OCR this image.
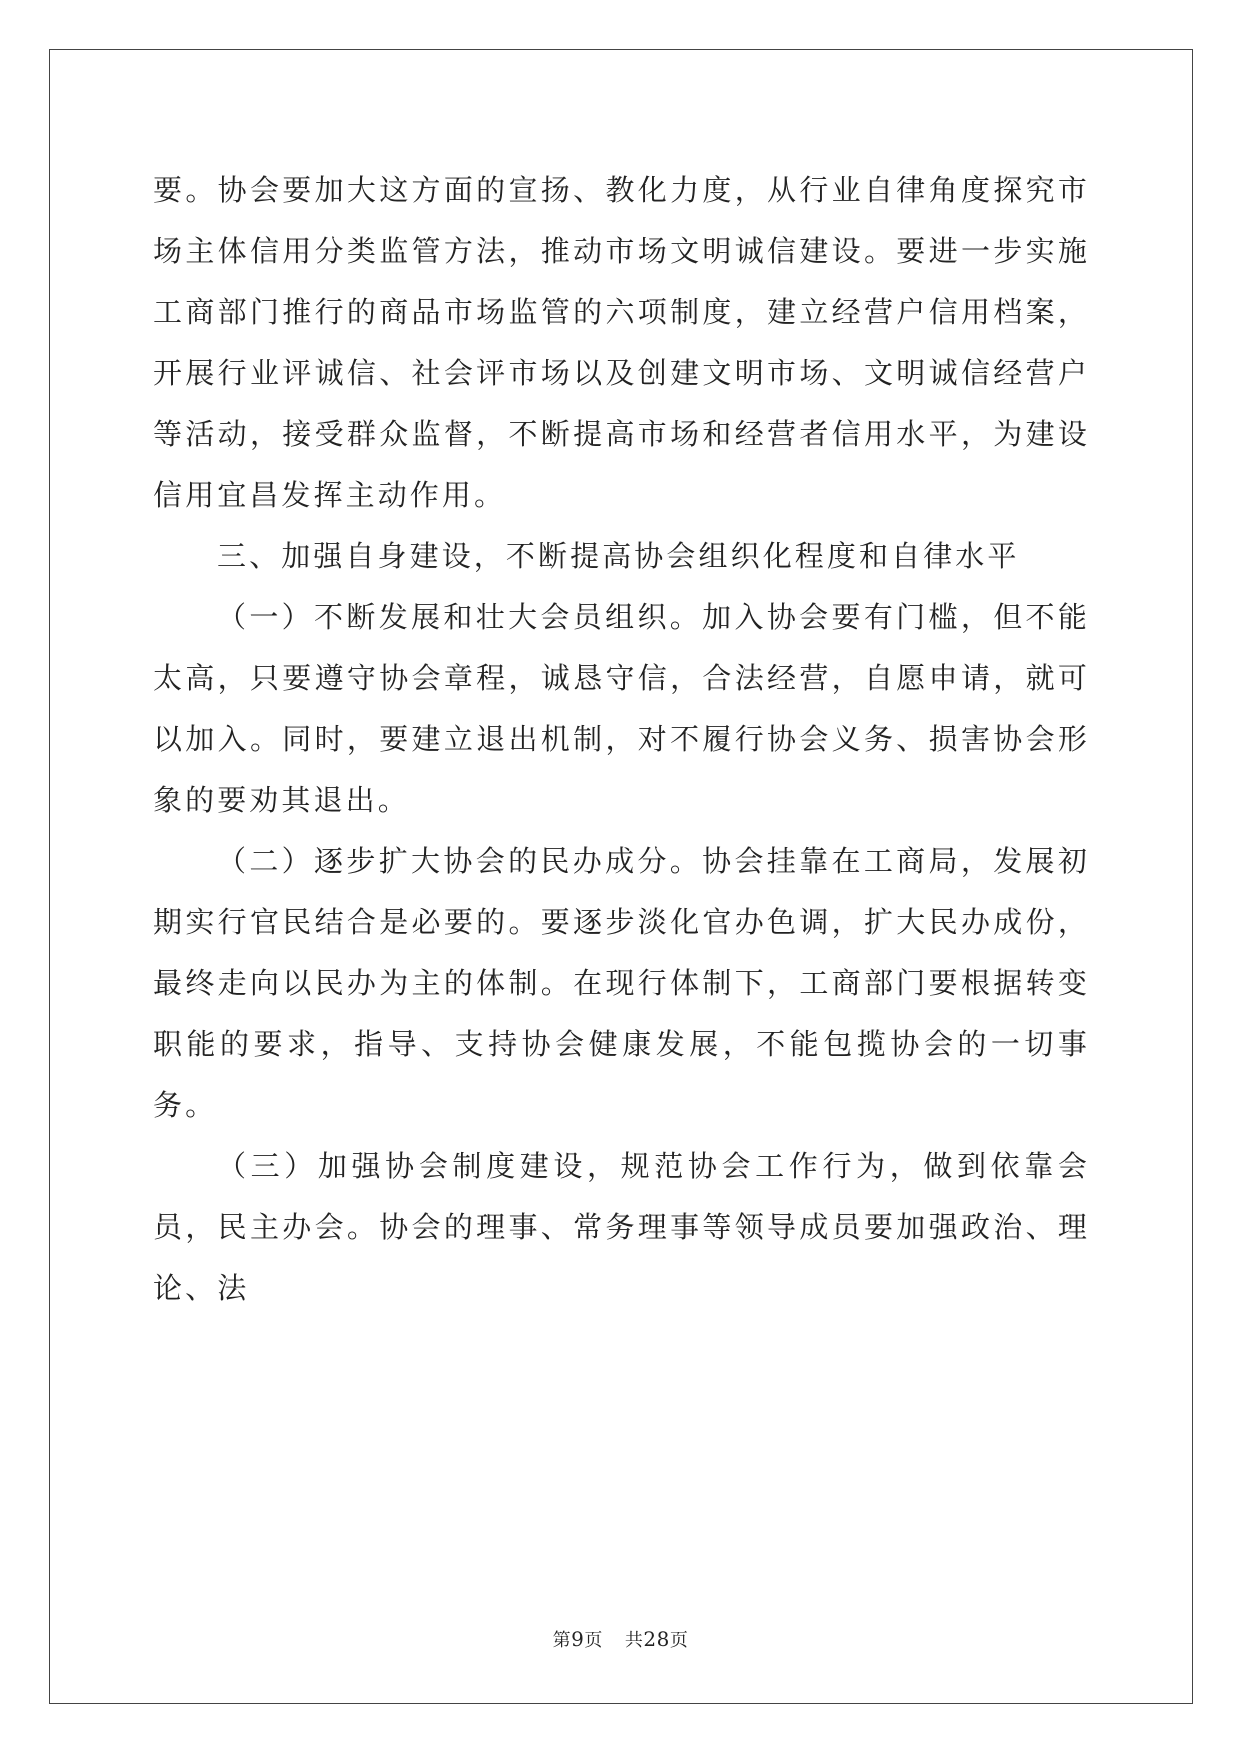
要。协会要加大这方面的宣扬、教化力度，从行业自律角度探究市场主体信用分类监管方法，推动市场文明诚信建设。要进一步实施工商部门推行的商品市场监管的六项制度，建立经营户信用档案，开展行业评诚信、社会评市场以及创建文明市场、文明诚信经营户等活动，接受群众监督，不断提高市场和经营者信用水平，为建设信用宜昌发挥主动作用。

三、加强自身建设，不断提高协会组织化程度和自律水平

（一）不断发展和壮大会员组织。加入协会要有门槛，但不能太高，只要遵守协会章程，诚恳守信，合法经营，自愿申请，就可以加入。同时，要建立退出机制，对不履行协会义务、损害协会形象的要劝其退出。

（二）逐步扩大协会的民办成分。协会挂靠在工商局，发展初期实行官民结合是必要的。要逐步淡化官办色调，扩大民办成份，最终走向以民办为主的体制。在现行体制下，工商部门要根据转变职能的要求，指导、支持协会健康发展，不能包揽协会的一切事务。

（三）加强协会制度建设，规范协会工作行为，做到依靠会员，民主办会。协会的理事、常务理事等领导成员要加强政治、理论、法

第9页 共28页
